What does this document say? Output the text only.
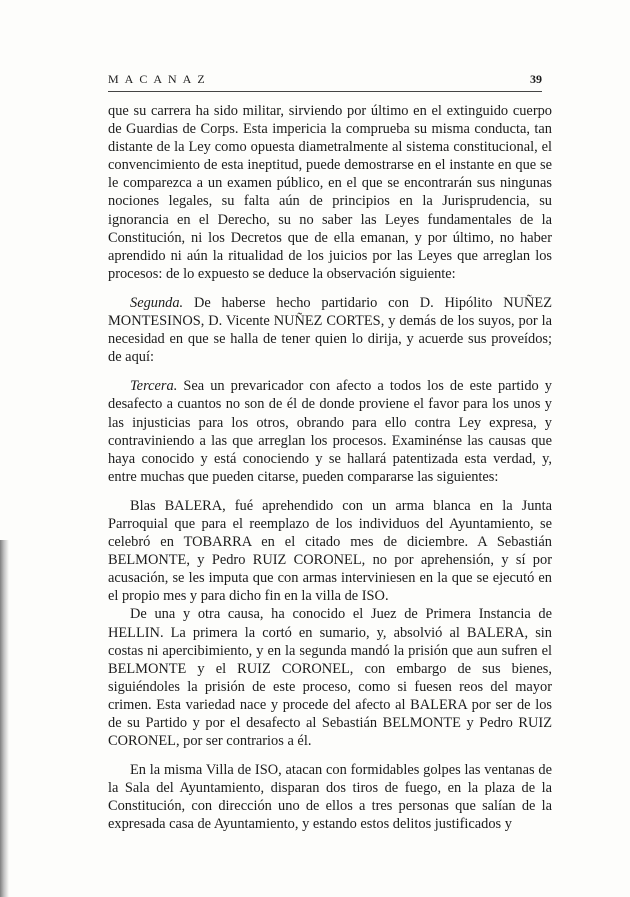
MACANAZ	39

que su carrera ha sido militar, sirviendo por último en el extinguido cuerpo de Guardias de Corps. Esta impericia la comprueba su misma conducta, tan distante de la Ley como opuesta diametralmente al sistema constitucional, el convencimiento de esta ineptitud, puede demostrarse en el instante en que se le comparezca a un examen público, en el que se encontrarán sus ningunas nociones legales, su falta aún de principios en la Jurisprudencia, su ignorancia en el Derecho, su no saber las Leyes fundamentales de la Constitución, ni los Decretos que de ella emanan, y por último, no haber aprendido ni aún la ritualidad de los juicios por las Leyes que arreglan los procesos: de lo expuesto se deduce la observación siguiente:

Segunda. De haberse hecho partidario con D. Hipólito NUÑEZ MONTESINOS, D. Vicente NUÑEZ CORTES, y demás de los suyos, por la necesidad en que se halla de tener quien lo dirija, y acuerde sus proveídos; de aquí:

Tercera. Sea un prevaricador con afecto a todos los de este partido y desafecto a cuantos no son de él de donde proviene el favor para los unos y las injusticias para los otros, obrando para ello contra Ley expresa, y contraviniendo a las que arreglan los procesos. Examinénse las causas que haya conocido y está conociendo y se hallará patentizada esta verdad, y, entre muchas que pueden citarse, pueden compararse las siguientes:

Blas BALERA, fué aprehendido con un arma blanca en la Junta Parroquial que para el reemplazo de los individuos del Ayuntamiento, se celebró en TOBARRA en el citado mes de diciembre. A Sebastián BELMONTE, y Pedro RUIZ CORONEL, no por aprehensión, y sí por acusación, se les imputa que con armas interviniesen en la que se ejecutó en el propio mes y para dicho fin en la villa de ISO.

De una y otra causa, ha conocido el Juez de Primera Instancia de HELLIN. La primera la cortó en sumario, y, absolvió al BALERA, sin costas ni apercibimiento, y en la segunda mandó la prisión que aun sufren el BELMONTE y el RUIZ CORONEL, con embargo de sus bienes, siguiéndoles la prisión de este proceso, como si fuesen reos del mayor crimen. Esta variedad nace y procede del afecto al BALERA por ser de los de su Partido y por el desafecto al Sebastián BELMONTE y Pedro RUIZ CORONEL, por ser contrarios a él.

En la misma Villa de ISO, atacan con formidables golpes las ventanas de la Sala del Ayuntamiento, disparan dos tiros de fuego, en la plaza de la Constitución, con dirección uno de ellos a tres personas que salían de la expresada casa de Ayuntamiento, y estando estos delitos justificados y
